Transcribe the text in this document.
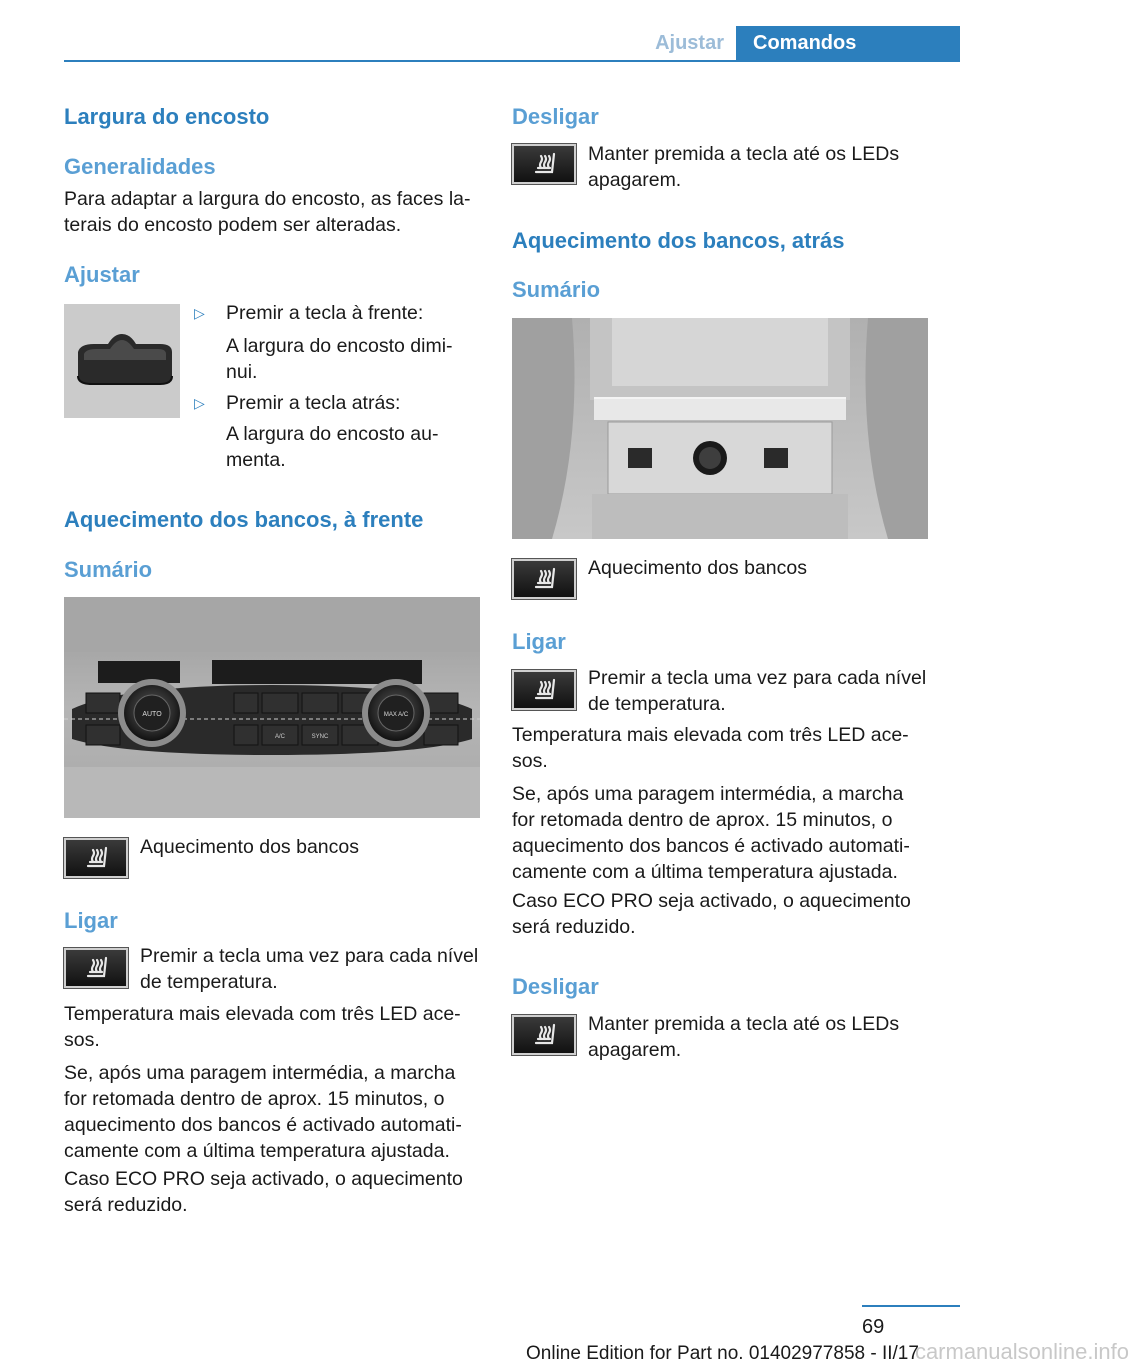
Ajustar	Comandos
Largura do encosto
Generalidades

Para adaptar a largura do encosto, as faces la-terais do encosto podem ser alteradas.

Ajustar
▷ Premir a tecla à frente:

A largura do encosto dimi-nui.

▷ Premir a tecla atrás:

A largura do encosto au-menta.

Aquecimento dos bancos, à frente
Sumário
AUTO	MAX A/C
A/C	SYNC

Aquecimento dos bancos

Ligar

Premir a tecla uma vez para cada nível de temperatura.

Temperatura mais elevada com três LED ace-sos.

Se, após uma paragem intermédia, a marcha for retomada dentro de aprox. 15 minutos, o aquecimento dos bancos é activado automati-camente com a última temperatura ajustada.

Caso ECO PRO seja activado, o aquecimento será reduzido.

Desligar

Manter premida a tecla até os LEDs apagarem.

Aquecimento dos bancos, atrás
Sumário

Aquecimento dos bancos

Ligar

Premir a tecla uma vez para cada nível de temperatura.

Temperatura mais elevada com três LED ace-sos.

Se, após uma paragem intermédia, a marcha for retomada dentro de aprox. 15 minutos, o aquecimento dos bancos é activado automati-camente com a última temperatura ajustada.

Caso ECO PRO seja activado, o aquecimento será reduzido.

Desligar

Manter premida a tecla até os LEDs apagarem.

69
Online Edition for Part no. 01402977858 - II/17carmanualsonline.info
